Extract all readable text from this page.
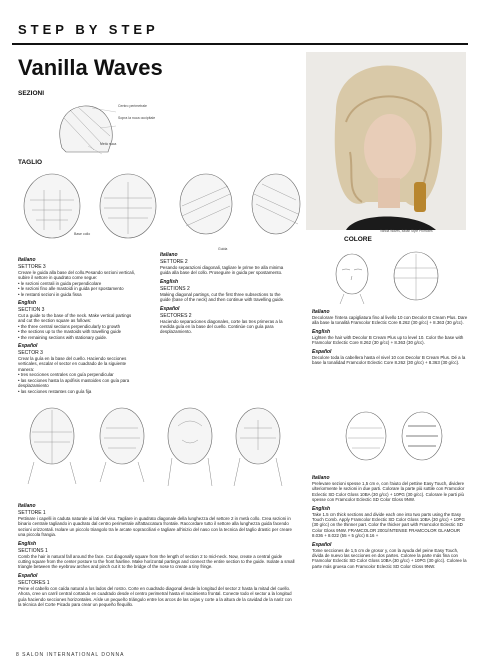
STEP BY STEP
Vanilla Waves
SEZIONI
Centro perimetrale
Sopra la nuca occipitale
Metà nuca
TAGLIO
Base collo
Guida
Vanilla Waves, Italian Style Promotes
COLORE
Italiano
SETTORE 3
Creare le guida alla base del collo.Pesando sezioni verticali, subire il settore in quadrato come segue:
• le sezioni centrali in guida perpendicolare
• le sezioni fino alle mastoidi in guida per spostamento
• le restanti sezioni in guida fissa
English
SECTION 3
Cut a guide to the base of the neck. Make vertical partings and cut the section square as follows:
• the three central sections perpendicularly to growth
• the sections up to the mastoids with travelling guide
• the remaining sections with stationary guide.
Español
SECTOR 3
Crear la guía en la base del cuello. Haciendo secciones verticales, escalar el sector en cuadrado de la siguiente manera:
• tres secciones centrales con guía perpendicular
• las secciones hasta la apófisis mastoides con guía para desplazamiento
• las secciones restantes con guía fija
Italiano
SETTORE 2
Pesando separazioni diagonali, tagliare le prime tre alla minima guida alla base del collo. Proseguire in guida per spostamento.
English
SECTIONS 2
Making diagonal partings, cut the first three subsections to the guide (base of the neck) and then continue with travelling guide.
Español
SECTORES 2
Haciendo separaciones diagonales, corte las tres primeras a la medida guía en la base del cuello. Continúe con guía para desplazamiento.
Italiano
Decolorare l'intera capigliatura fino al livello 10 con Decolor B Cream Plus. Dare alla base la tonalità Framcolor Eclectic Core 8.262 (30 g/cc) + 8.363 (30 g/cc).
English
Lighten the hair with Decolor B Cream Plus up to level 10. Color the base with Framcolor Eclectic Core 8.262 (30 g/cc) + 8.363 (30 g/cc).
Español
Decolore toda la cabellera hasta el nivel 10 con Decolor B Cream Plus. Dé a la base la tonalidad Framcolor Eclectic Core 8.262 (30 g/cc) + 8.363 (30 g/cc).
Italiano
SETTORE 1
Pettinare i capelli in caduta naturale ai lati del viso. Tagliare in quadrato diagonale della lunghezza del settore 2 in metà collo. Crea sezioni in binario centrale tagliando in quadrato dal centro perimetrale all'attaccatura frontale. Raccordare tutto il settore alla lunghezza guida facendo sezioni orizzontali. Isolare un piccolo triangolo tra le arcate sopracciliari e tagliare all'inizio del naso con la tecnica del taglio drastic per creare una piccola frangia.
English
SECTIONS 1
Comb the hair in natural fall around the face. Cut diagonally square from the length of section 2 to mid-neck. Now, create a central guide cutting square from the center posture to the front hairline. Make horizontal partings and connect the entire section to the guide. Isolate a small triangle between the eyebrow arches and pinch cut it to the bridge of the nose to create a tiny fringe.
Español
SECTORES 1
Peine el cabello con caída natural a los lados del rostro. Corte en cuadrado diagonal desde la longitud del sector 2 hasta la mitad del cuello. Ahora, cree un carril central cortando en cuadrado desde el centro perimetral hasta el nacimiento frontal. Conecte todo el sector a la longitud guía haciendo secciones horizontales. Aísle un pequeño triángulo entre los arcos de las cejas y corte a la altura de la cavidad de la nariz con la técnica del Corte Picado para crear un pequeño flequillo.
Italiano
Prelevare sezioni spesse 1,5 cm e, con l'aiuto del pettine Easy Touch, dividere ulteriormente le sezioni in due parti. Colorare la parte più sottile con Framcolor Eclectic SD Color Gloss 10BA (30 g/cc) + 10PG (30 g/cc). Colorare le parti più spesse con Framcolor Eclectic SD Color Gloss 9NW.
English
Take 1.5 cm thick sections and divide each one into two parts using the Easy Touch Comb. Apply Framcolor Eclectic SD Color Gloss 10BA (30 g/cc) + 10PG (30 g/cc) on the thinner part. Color the thicker part with Framcolor Eclectic SD Color Gloss 9NW. FRAMCOLOR 2001/INTENSE FRAMCOLOR GLAMOUR 8.036 + 8.022 (55 + 5 g/cc) 8.16 +
Español
Tome secciones de 1,5 cm de grosor y, con la ayuda del peine Easy Touch, divida de nuevo las secciones en dos partes. Coloree la parte más fina con Framcolor Eclectic SD Color Gloss 10BA (30 g/cc) + 10PG (30 g/cc). Coloree la parte más gruesa con Framcolor Eclectic SD Color Gloss 9NW.
8 SALON INTERNATIONAL DONNA
